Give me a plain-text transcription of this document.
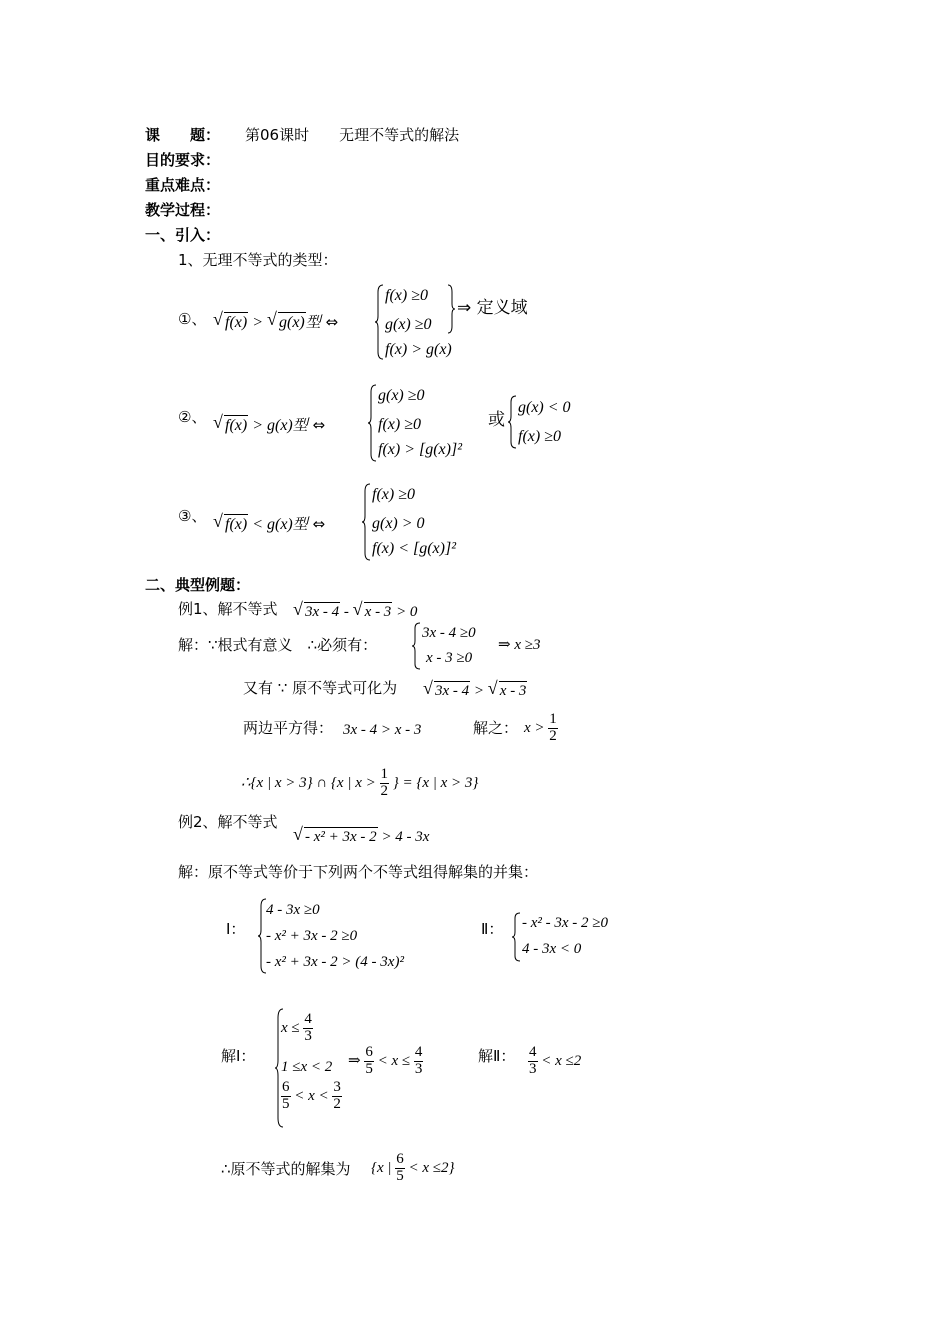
课　　题： 第06课时　　无理不等式的解法
目的要求：
重点难点：
教学过程：
一、引入：
1、无理不等式的类型：
①、	√ f(x) > √ g(x)型 ⇔
f(x) ≥0
g(x) ≥0
f(x) > g(x)
⇒ 定义域
②、	√ f(x) > g(x)型 ⇔
g(x) ≥0
f(x) ≥0
f(x) > [g(x)]²
或
g(x) < 0
f(x) ≥0
③、	√ f(x) < g(x)型 ⇔
f(x) ≥0
g(x) > 0
f(x) < [g(x)]²
二、典型例题：
例1、解不等式	√ 3x - 4 - √ x - 3 > 0
解：∵根式有意义　∴必须有：
3x - 4 ≥0
x - 3 ≥0
⇒ x ≥3
又有 ∵ 原不等式可化为	√ 3x - 4 > √ x - 3
两边平方得： 3x - 4 > x - 3	解之： $x > \frac{1}{2}$
∴{x | x > 3} ∩ {x | $x > \frac{1}{2}$ } = {x | x > 3}
例2、解不等式
√ - x² + 3x - 2 > 4 - 3x
解：原不等式等价于下列两个不等式组得解集的并集：
Ⅰ：
4 - 3x ≥0
- x² + 3x - 2 ≥0
- x² + 3x - 2 > (4 - 3x)²
Ⅱ： - x² - 3x - 2 ≥0
4 - 3x < 0
解Ⅰ：
$x \le \frac{4}{3}$
1 ≤x < 2
$\frac{6}{5} < x < \frac{3}{2}$
⇒ $\frac{6}{5} < x \le \frac{4}{3}$	解Ⅱ： $\frac{4}{3} < x \le 2$
∴原不等式的解集为 {x | $\frac{6}{5} < x \le 2$}
